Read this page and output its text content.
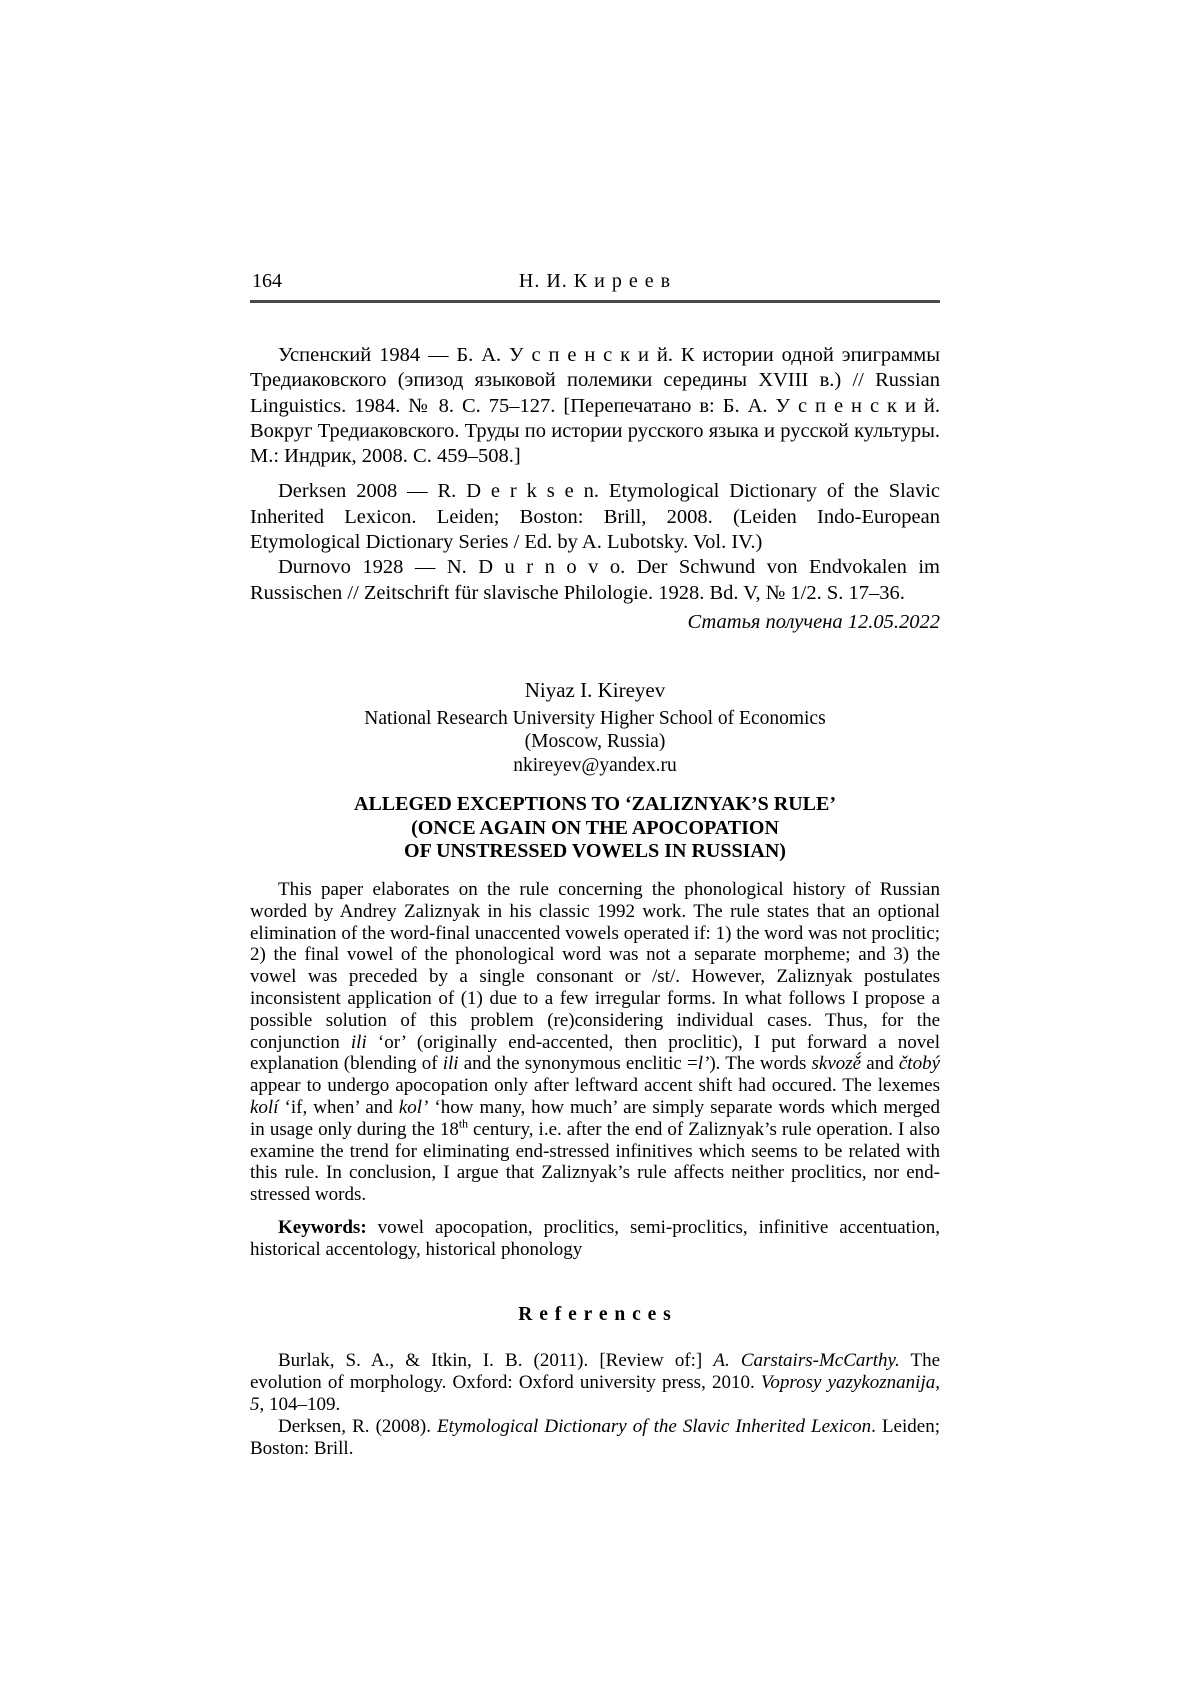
164	Н. И. К и р е е в

Успенский 1984 — Б. А. У с п е н с к и й. К истории одной эпиграммы Тредиаковского (эпизод языковой полемики середины XVIII в.) // Russian Linguistics. 1984. № 8. С. 75–127. [Перепечатано в: Б. А. У с п е н с к и й. Вокруг Тредиаковского. Труды по истории русского языка и русской культуры. М.: Индрик, 2008. С. 459–508.]

Derksen 2008 — R. D e r k s e n. Etymological Dictionary of the Slavic Inherited Lexicon. Leiden; Boston: Brill, 2008. (Leiden Indo-European Etymological Dictionary Series / Ed. by A. Lubotsky. Vol. IV.)

Durnovo 1928 — N. D u r n o v o. Der Schwund von Endvokalen im Russischen // Zeitschrift für slavische Philologie. 1928. Bd. V, № 1/2. S. 17–36.

Статья получена 12.05.2022

Niyaz I. Kireyev
National Research University Higher School of Economics
(Moscow, Russia)
nkireyev@yandex.ru
ALLEGED EXCEPTIONS TO ‘ZALIZNYAK’S RULE’
(ONCE AGAIN ON THE APOCOPATION
OF UNSTRESSED VOWELS IN RUSSIAN)

This paper elaborates on the rule concerning the phonological history of Russian worded by Andrey Zaliznyak in his classic 1992 work. The rule states that an optional elimination of the word-final unaccented vowels operated if: 1) the word was not proclitic; 2) the final vowel of the phonological word was not a separate morpheme; and 3) the vowel was preceded by a single consonant or /st/. However, Zaliznyak postulates inconsistent application of (1) due to a few irregular forms. In what follows I propose a possible solution of this problem (re)considering individual cases. Thus, for the conjunction ili ‘or’ (originally end-accented, then proclitic), I put forward a novel explanation (blending of ili and the synonymous enclitic =l’). The words skvozě́ and čtobý appear to undergo apocopation only after leftward accent shift had occured. The lexemes kolí ‘if, when’ and kol’ ‘how many, how much’ are simply separate words which merged in usage only during the 18th century, i.e. after the end of Zaliznyak’s rule operation. I also examine the trend for eliminating end-stressed infinitives which seems to be related with this rule. In conclusion, I argue that Zaliznyak’s rule affects neither proclitics, nor end-stressed words.

Keywords: vowel apocopation, proclitics, semi-proclitics, infinitive accentuation, historical accentology, historical phonology

R e f e r e n c e s

Burlak, S. A., & Itkin, I. B. (2011). [Review of:] A. Carstairs-McCarthy. The evolution of morphology. Oxford: Oxford university press, 2010. Voprosy yazykoznanija, 5, 104–109.

Derksen, R. (2008). Etymological Dictionary of the Slavic Inherited Lexicon. Leiden; Boston: Brill.
